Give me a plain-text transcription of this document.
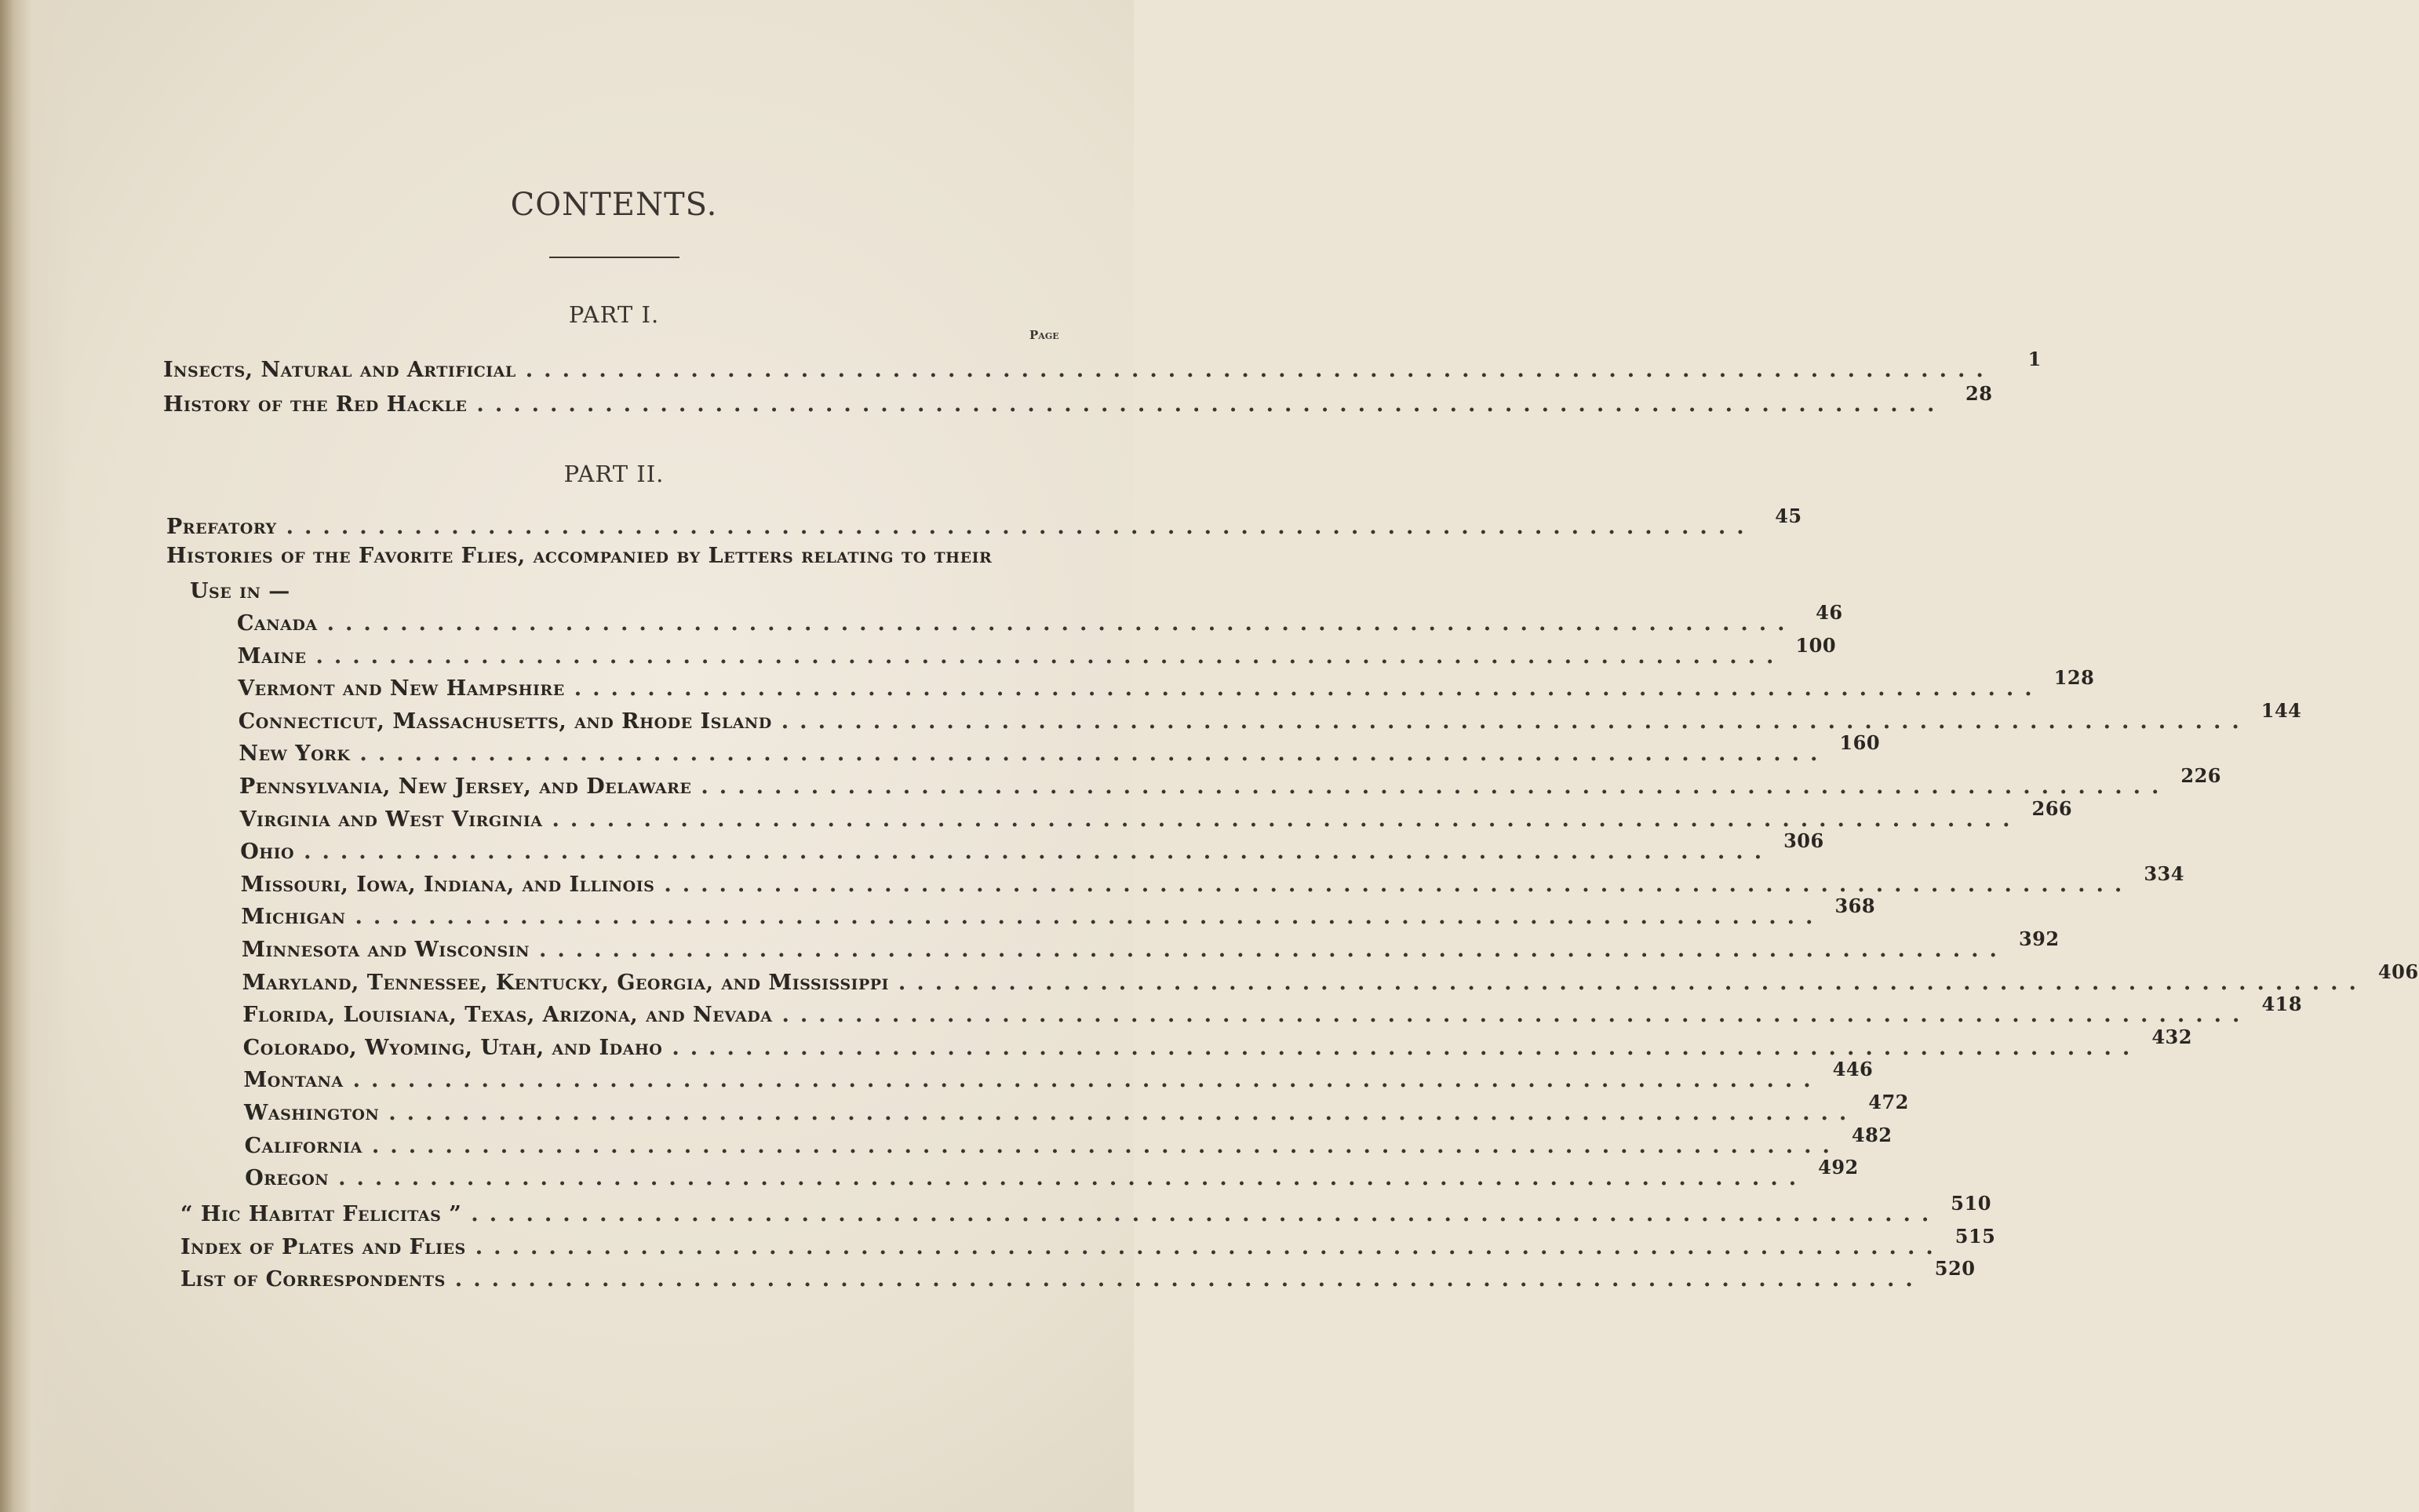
CONTENTS.
PART I.
Page
Insects, Natural and Artificial ................................................................................	1
History of the Red Hackle ................................................................................	28
PART II.
Prefatory ................................................................................	45
Histories of the Favorite Flies, accompanied by Letters relating to their
Use in —
Canada ................................................................................	46
Maine ................................................................................ 100
Vermont and New Hampshire ................................................................................ 128
Connecticut, Massachusetts, and Rhode Island ................................................................................ 144
New York ................................................................................ 160
Pennsylvania, New Jersey, and Delaware ................................................................................ 226
Virginia and West Virginia ................................................................................ 266
Ohio ................................................................................ 306
Missouri, Iowa, Indiana, and Illinois ................................................................................ 334
Michigan ................................................................................ 368
Minnesota and Wisconsin ................................................................................ 392
Maryland, Tennessee, Kentucky, Georgia, and Mississippi ................................................................................ 406
Florida, Louisiana, Texas, Arizona, and Nevada ................................................................................ 418
Colorado, Wyoming, Utah, and Idaho ................................................................................ 432
Montana ................................................................................ 446
Washington ................................................................................ 472
California ................................................................................ 482
Oregon ................................................................................ 492
“ Hic Habitat Felicitas ” ................................................................................ 510
Index of Plates and Flies ................................................................................ 515
List of Correspondents ................................................................................ 520
